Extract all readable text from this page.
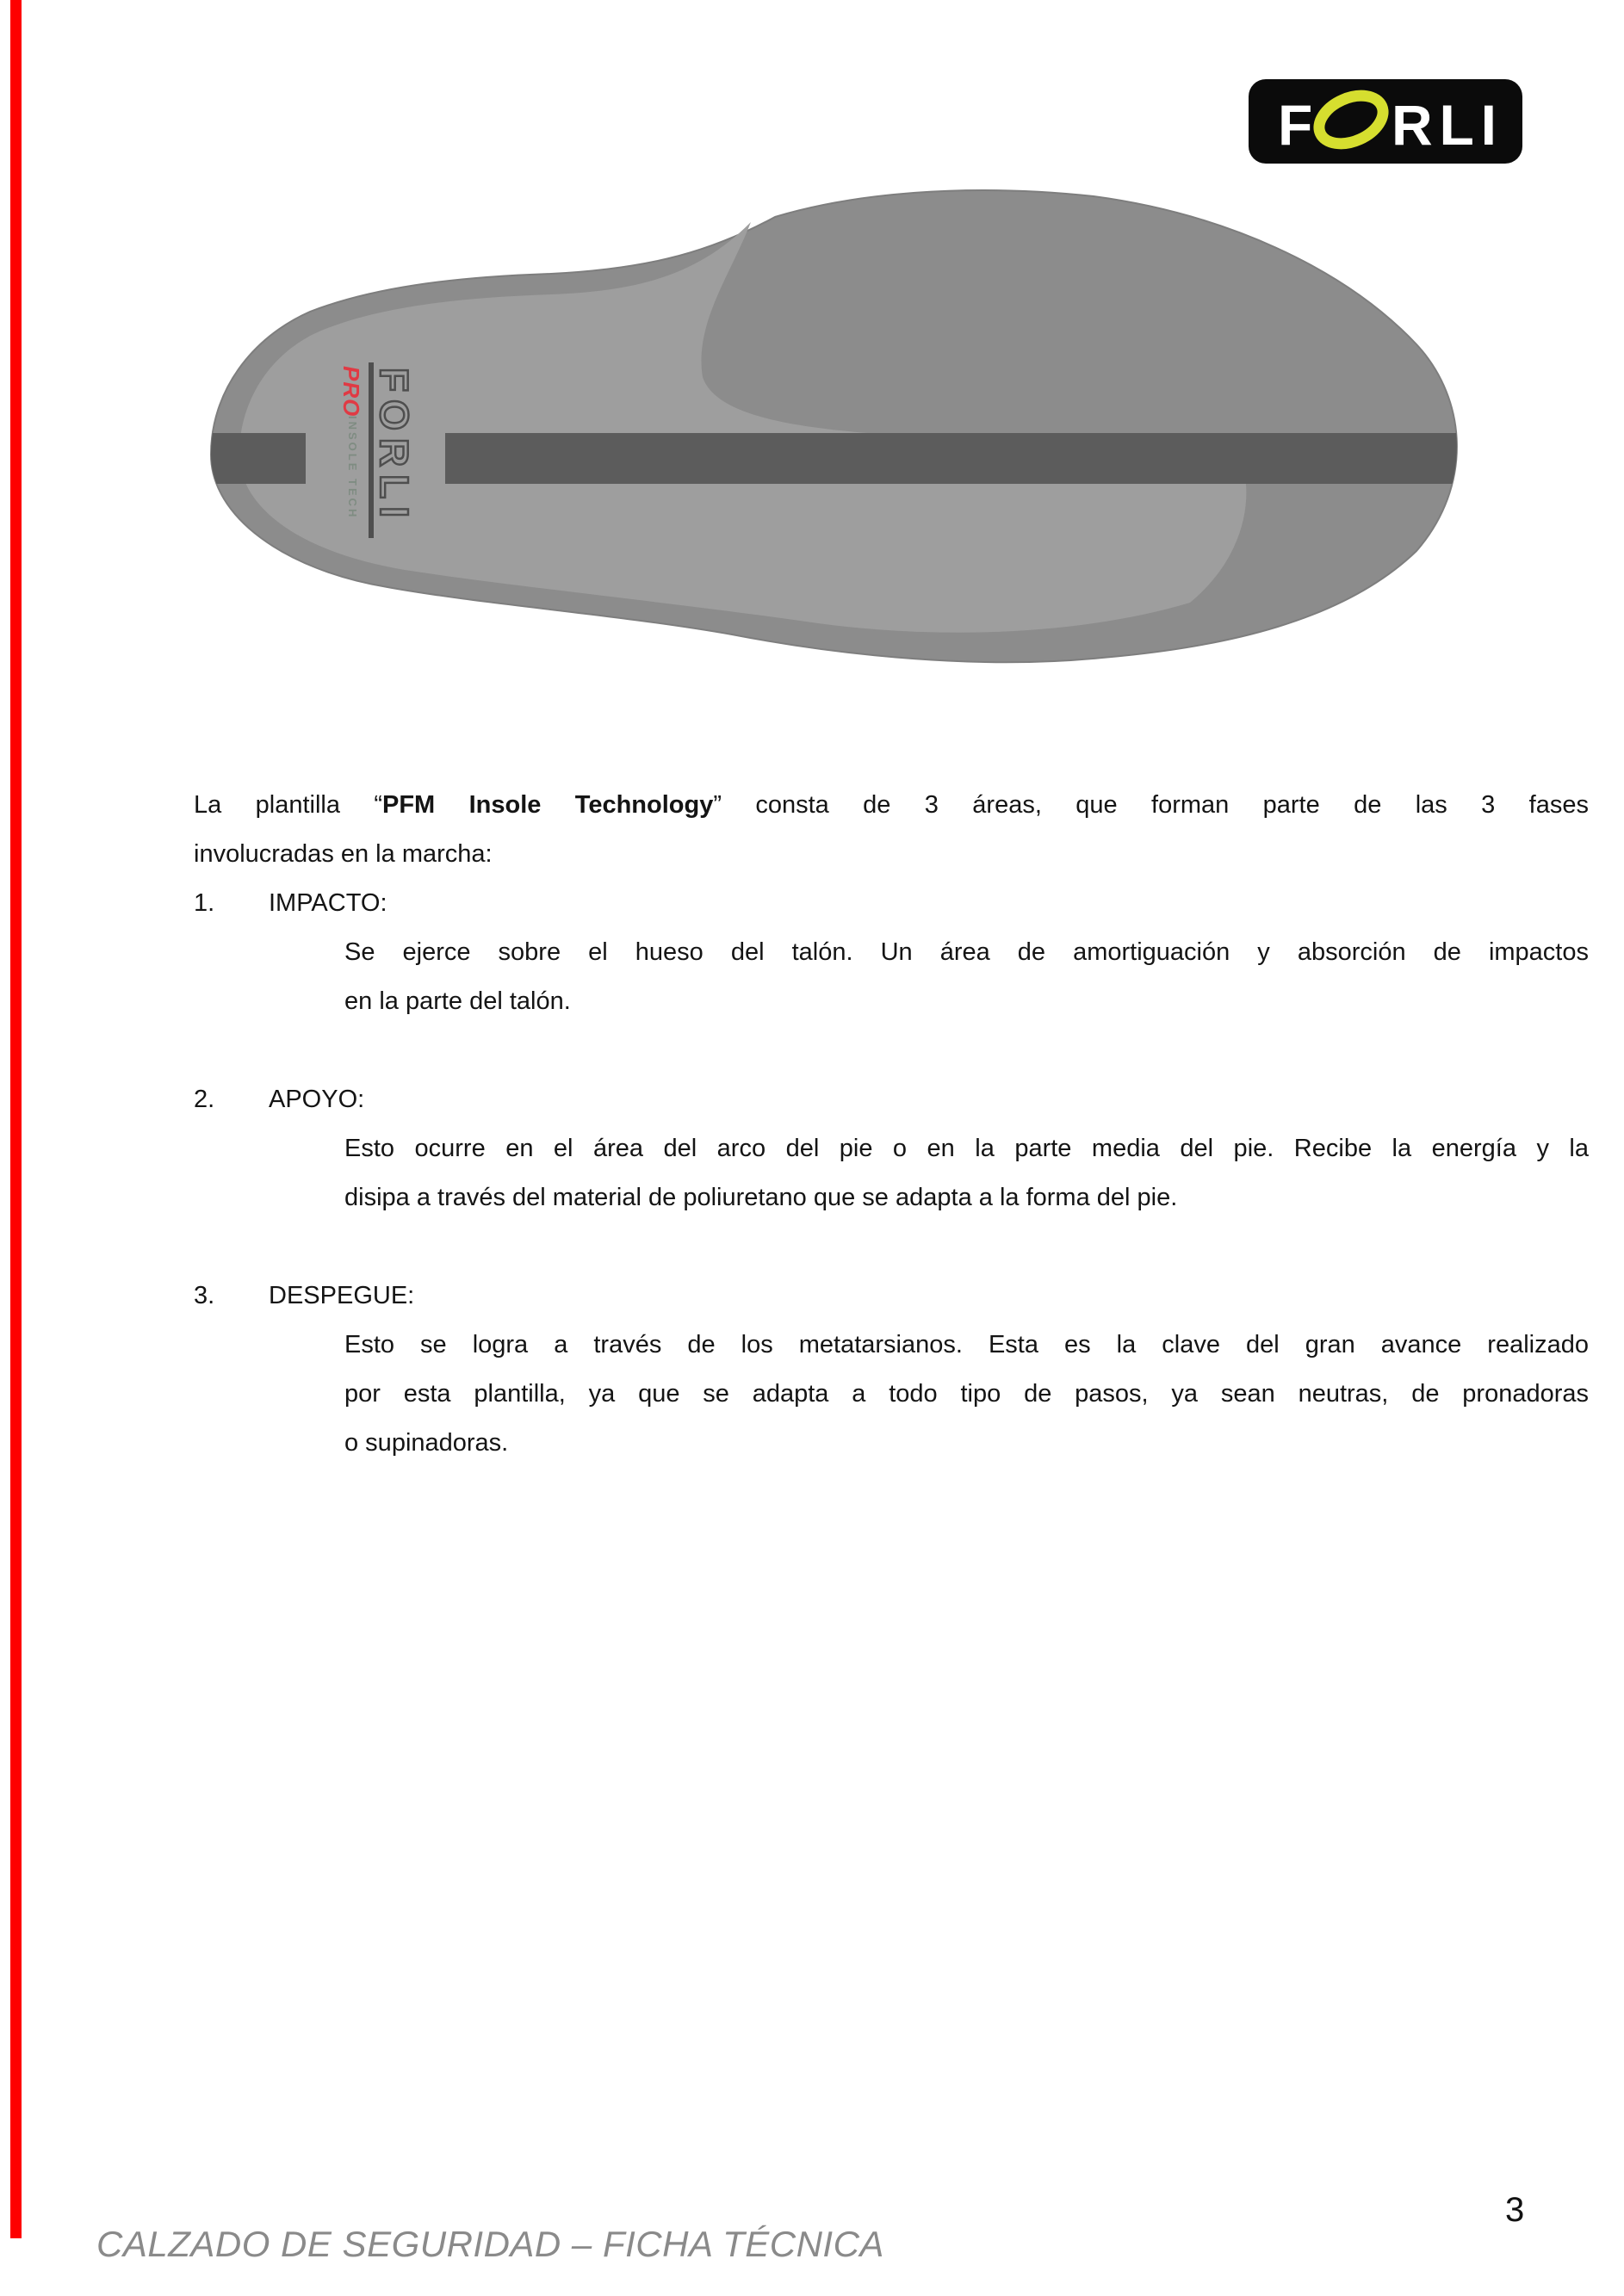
F RLI
PRO FORLI
INSOLE TECH
La plantilla “PFM Insole Technology” consta de 3 áreas, que forman parte de las 3 fases
involucradas en la marcha:
1. IMPACTO:
Se ejerce sobre el hueso del talón. Un área de amortiguación y absorción de impactos
en la parte del talón.
2. APOYO:
Esto ocurre en el área del arco del pie o en la parte media del pie. Recibe la energía y la
disipa a través del material de poliuretano que se adapta a la forma del pie.
3. DESPEGUE:
Esto se logra a través de los metatarsianos. Esta es la clave del gran avance realizado
por esta plantilla, ya que se adapta a todo tipo de pasos, ya sean neutras, de pronadoras
o supinadoras.
CALZADO DE SEGURIDAD – FICHA TÉCNICA
3
